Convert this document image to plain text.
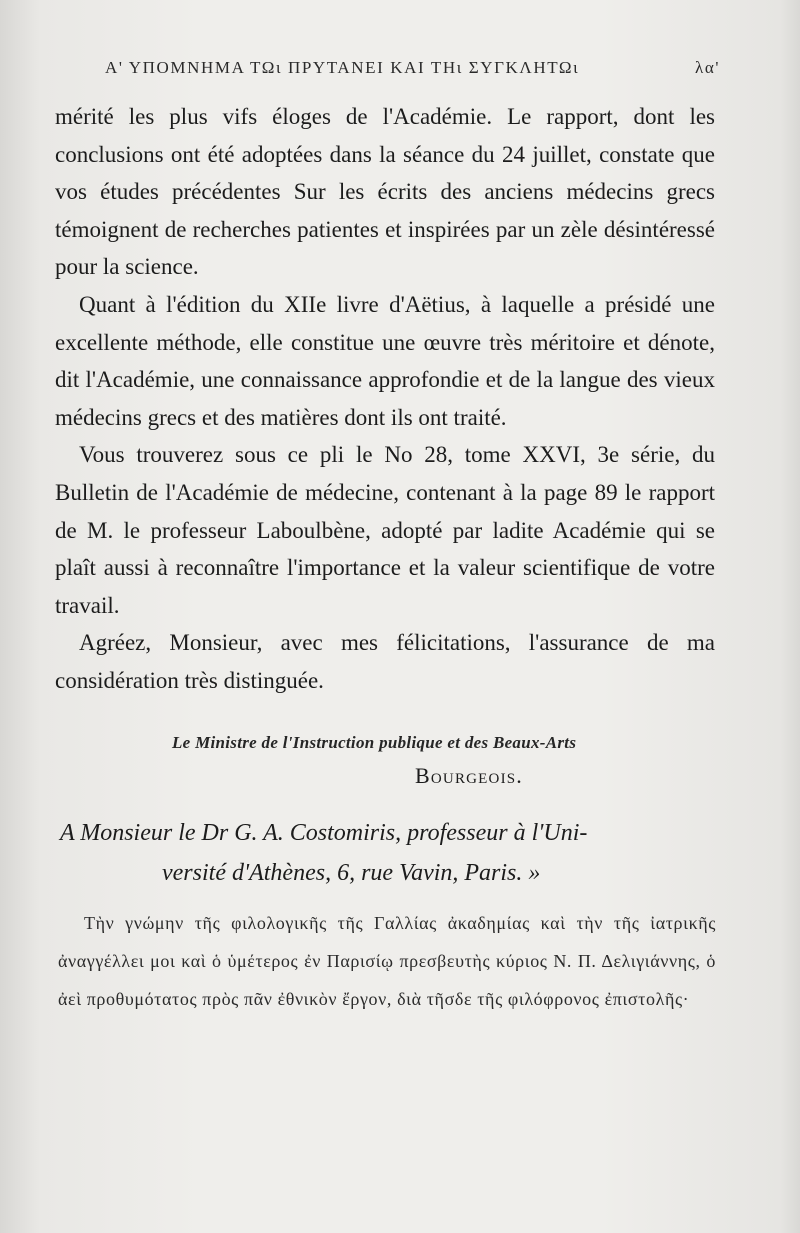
Α' ΥΠΟΜΝΗΜΑ ΤΩι ΠΡΥΤΑΝΕΙ ΚΑΙ ΤΗι ΣΥΓΚΛΗΤΩι	λα'

mérité les plus vifs éloges de l'Académie. Le rapport, dont les conclusions ont été adoptées dans la séance du 24 juillet, constate que vos études précédentes Sur les écrits des anciens médecins grecs témoignent de recherches patientes et inspirées par un zèle désintéressé pour la science.

Quant à l'édition du XIIe livre d'Aëtius, à laquelle a présidé une excellente méthode, elle constitue une œuvre très méritoire et dénote, dit l'Académie, une connaissance approfondie et de la langue des vieux médecins grecs et des matières dont ils ont traité.

Vous trouverez sous ce pli le No 28, tome XXVI, 3e série, du Bulletin de l'Académie de médecine, contenant à la page 89 le rapport de M. le professeur Laboulbène, adopté par ladite Académie qui se plaît aussi à reconnaître l'importance et la valeur scientifique de votre travail.

Agréez, Monsieur, avec mes félicitations, l'assurance de ma considération très distinguée.

Le Ministre de l'Instruction publique et des Beaux-Arts
Bourgeois.
A Monsieur le Dr G. A. Costomiris, professeur à l'Uni-
versité d'Athènes, 6, rue Vavin, Paris. »

Τὴν γνώμην τῆς φιλολογικῆς τῆς Γαλλίας ἀκαδημίας καὶ τὴν τῆς ἰατρικῆς ἀναγγέλλει μοι καὶ ὁ ὑμέτερος ἐν Παρισίῳ πρεσβευτὴς κύριος Ν. Π. Δελιγιάννης, ὁ ἀεὶ προθυμότατος πρὸς πᾶν ἐθνικὸν ἔργον, διὰ τῆσδε τῆς φιλόφρονος ἐπιστολῆς·
